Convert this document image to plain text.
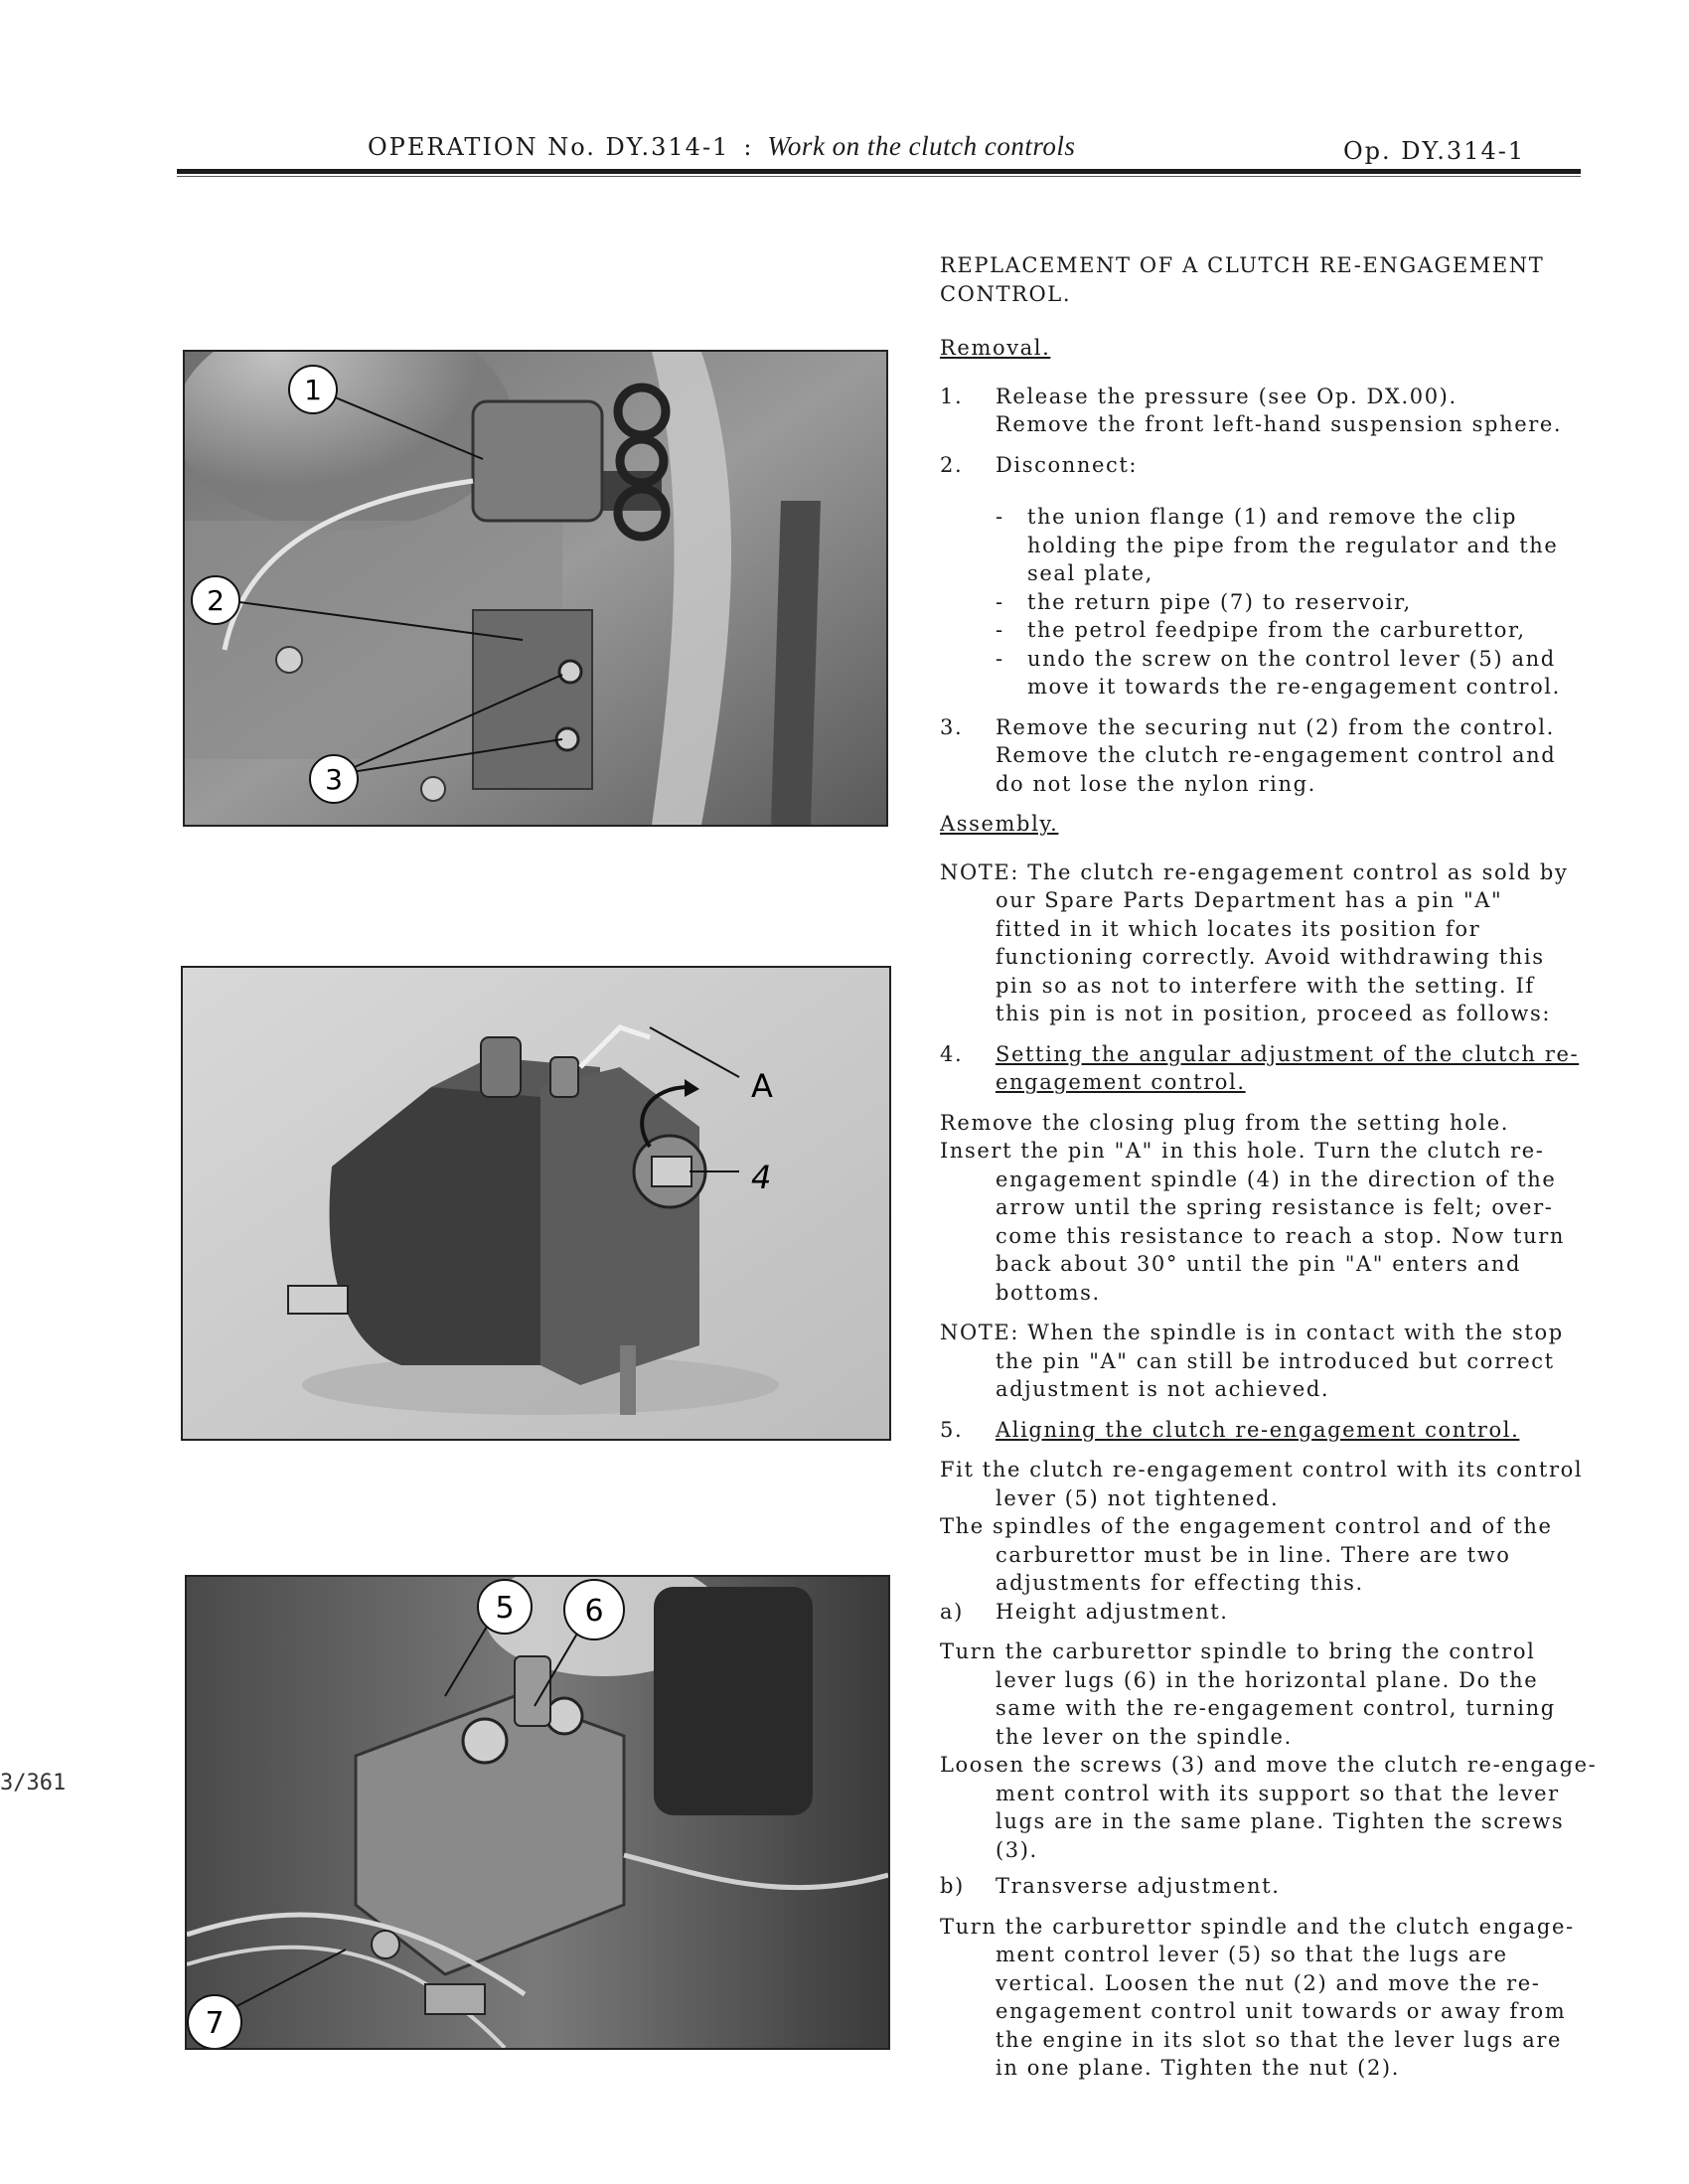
OPERATION No. DY.314-1 : Work on the clutch controls	Op. DY.314-1
1
2
3
A
4
5 6
7
3/361

REPLACEMENT OF A CLUTCH RE-ENGAGEMENT

CONTROL.

Removal.

1.	Release the pressure (see Op. DX.00).

Remove the front left-hand suspension sphere.

2.	Disconnect:

-	the union flange (1) and remove the clip

holding the pipe from the regulator and the

seal plate,

-	the return pipe (7) to reservoir,

-	the petrol feedpipe from the carburettor,

-	undo the screw on the control lever (5) and

move it towards the re-engagement control.

3.	Remove the securing nut (2) from the control.

Remove the clutch re-engagement control and

do not lose the nylon ring.

Assembly.

NOTE: The clutch re-engagement control as sold by

our Spare Parts Department has a pin "A"

fitted in it which locates its position for

functioning correctly. Avoid withdrawing this

pin so as not to interfere with the setting. If

this pin is not in position, proceed as follows:

4.	Setting the angular adjustment of the clutch re-

engagement control.

Remove the closing plug from the setting hole.

Insert the pin "A" in this hole. Turn the clutch re-

engagement spindle (4) in the direction of the

arrow until the spring resistance is felt; over-

come this resistance to reach a stop. Now turn

back about 30° until the pin "A" enters and

bottoms.

NOTE: When the spindle is in contact with the stop

the pin "A" can still be introduced but correct

adjustment is not achieved.

5.	Aligning the clutch re-engagement control.

Fit the clutch re-engagement control with its control

lever (5) not tightened.

The spindles of the engagement control and of the

carburettor must be in line. There are two

adjustments for effecting this.

a)	Height adjustment.

Turn the carburettor spindle to bring the control

lever lugs (6) in the horizontal plane. Do the

same with the re-engagement control, turning

the lever on the spindle.

Loosen the screws (3) and move the clutch re-engage-

ment control with its support so that the lever

lugs are in the same plane. Tighten the screws

(3).

b)	Transverse adjustment.

Turn the carburettor spindle and the clutch engage-

ment control lever (5) so that the lugs are

vertical. Loosen the nut (2) and move the re-

engagement control unit towards or away from

the engine in its slot so that the lever lugs are

in one plane. Tighten the nut (2).
